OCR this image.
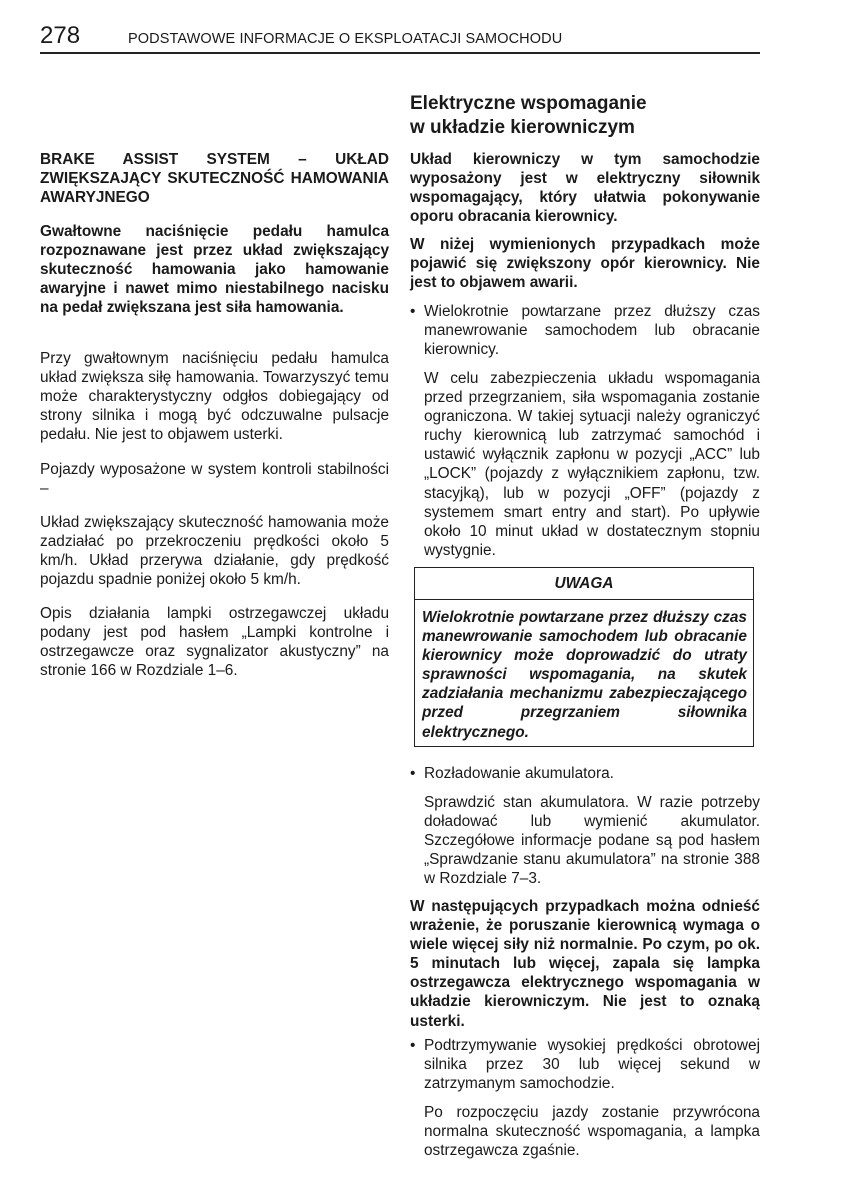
278	PODSTAWOWE INFORMACJE O EKSPLOATACJI SAMOCHODU

BRAKE ASSIST SYSTEM – UKŁAD ZWIĘKSZAJĄCY SKUTECZNOŚĆ HAMOWANIA AWARYJNEGO

Gwałtowne naciśnięcie pedału hamulca rozpoznawane jest przez układ zwiększający skuteczność hamowania jako hamowanie awaryjne i nawet mimo niestabilnego nacisku na pedał zwiększana jest siła hamowania.

Przy gwałtownym naciśnięciu pedału hamulca układ zwiększa siłę hamowania. Towarzyszyć temu może charakterystyczny odgłos dobiegający od strony silnika i mogą być odczuwalne pulsacje pedału. Nie jest to objawem usterki.

Pojazdy wyposażone w system kontroli stabilności –

Układ zwiększający skuteczność hamowania może zadziałać po przekroczeniu prędkości około 5 km/h. Układ przerywa działanie, gdy prędkość pojazdu spadnie poniżej około 5 km/h.

Opis działania lampki ostrzegawczej układu podany jest pod hasłem „Lampki kontrolne i ostrzegawcze oraz sygnalizator akustyczny” na stronie 166 w Rozdziale 1–6.

Elektryczne wspomaganie
w układzie kierowniczym

Układ kierowniczy w tym samochodzie wyposażony jest w elektryczny siłownik wspomagający, który ułatwia pokonywanie oporu obracania kierownicy.

W niżej wymienionych przypadkach może pojawić się zwiększony opór kierownicy. Nie jest to objawem awarii.

• Wielokrotnie powtarzane przez dłuższy czas manewrowanie samochodem lub obracanie kierownicy.

W celu zabezpieczenia układu wspomagania przed przegrzaniem, siła wspomagania zostanie ograniczona. W takiej sytuacji należy ograniczyć ruchy kierownicą lub zatrzymać samochód i ustawić wyłącznik zapłonu w pozycji „ACC” lub „LOCK” (pojazdy z wyłącznikiem zapłonu, tzw. stacyjką), lub w pozycji „OFF” (pojazdy z systemem smart entry and start). Po upływie około 10 minut układ w dostatecznym stopniu wystygnie.

• Rozładowanie akumulatora.

Sprawdzić stan akumulatora. W razie potrzeby doładować lub wymienić akumulator. Szczegółowe informacje podane są pod hasłem „Sprawdzanie stanu akumulatora” na stronie 388 w Rozdziale 7–3.

W następujących przypadkach można odnieść wrażenie, że poruszanie kierownicą wymaga o wiele więcej siły niż normalnie. Po czym, po ok. 5 minutach lub więcej, zapala się lampka ostrzegawcza elektrycznego wspomagania w układzie kierowniczym. Nie jest to oznaką usterki.

• Podtrzymywanie wysokiej prędkości obrotowej silnika przez 30 lub więcej sekund w zatrzymanym samochodzie.

Po rozpoczęciu jazdy zostanie przywrócona normalna skuteczność wspomagania, a lampka ostrzegawcza zgaśnie.

UWAGA
Wielokrotnie powtarzane przez dłuższy czas manewrowanie samochodem lub obracanie kierownicy może doprowadzić do utraty sprawności wspomagania, na skutek zadziałania mechanizmu zabezpieczającego przed przegrzaniem siłownika elektrycznego.
